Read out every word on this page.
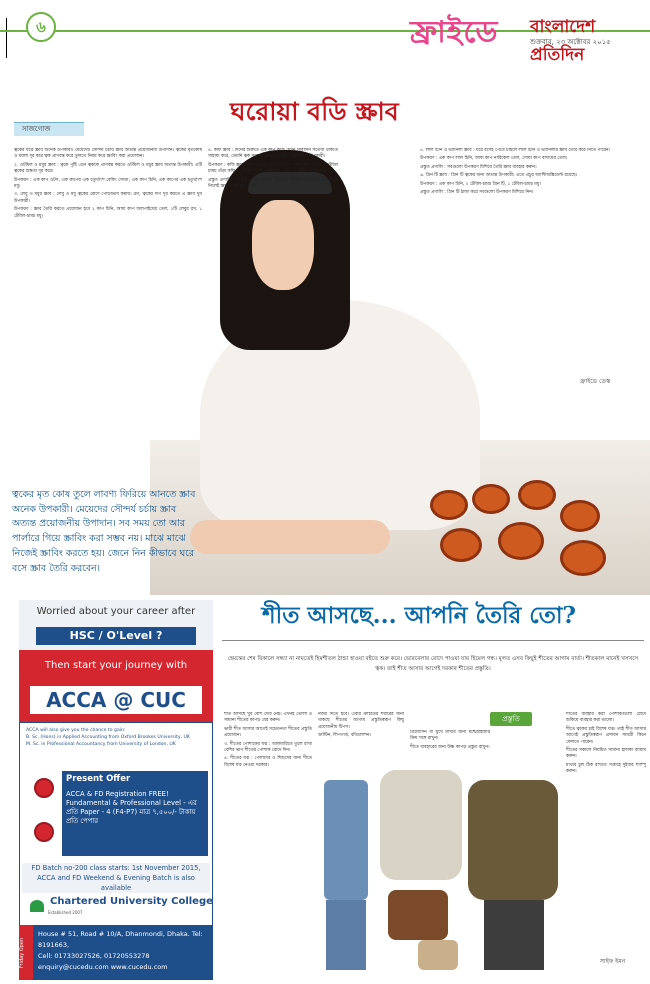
৬	ফ্রাইডে বাংলাদেশ প্রতিদিন
শুক্রবার, ২৩ অক্টোবর ২০১৫
সাজগোজ
ঘরোয়া বডি স্ক্রাব

ত্বকের যত্নে স্ক্রাব অনেক উপকারী। মেয়েদের সৌন্দর্য চর্চায় স্ক্রাব অত্যন্ত প্রয়োজনীয় উপাদান। ত্বকের মৃতকোষ ও ময়লা দূর করে ত্বক প্রাণবন্ত করে তুলতে নিয়ম করে স্ক্রাবিং করা প্রয়োজন।

২. ওটমিল ও মধুর স্ক্রাব : ত্বকে পুষ্টি এনে ত্বককে প্রাণবন্ত করতে ওটমিল ও মধুর স্ক্রাব অত্যন্ত উপকারী। এটি ত্বকের শুষ্কতা দূর করে।

উপকরণ : এক কাপ ওটস, এক কাপের এক চতুর্থাংশ বেকিং সোডা, এক কাপ চিনি, এক কাপের এক চতুর্থাংশ মধু।

৩. লেবু ও মধুর স্ক্রাব : লেবু ও মধু ত্বকের রোদে পোড়াভাব কমায়। ব্রণ, ত্বকের দাগ দূর করতে এ স্ক্রাব খুব উপকারী।

উপকরণ : স্ক্রাব তৈরি করতে প্রয়োজন হবে ২ কাপ চিনি, আধা কাপ জলপাইয়ের তেল, ১টি লেবুর রস, ১ টেবিল-চামচ মধু।

৪. কফি স্ক্রাব : দিনের শুরুতে এক কাপ কফি যেমন সারাদিন সতেজ থাকতে সাহায্য করে, তেমনি ত্বক সতেজ রাখতেও কফি সমানভাবে উপকারী।

উপকরণ : কফি স্ক্রাব তৈরি করতে প্রয়োজন হবে সোয়া কাপ চিনি, ১ টেবিল চামচ গুঁড়া কফি, ১ টেবিল-চামচ নারিকেল তেল, ১ টেবিল-চামচ মধু।

প্রস্তুত প্রণালি : একটি পাত্রে প্রতিটি উপকরণ মিশিয়ে ভালোভাবে মিশিয়ে নিলেই স্ক্রাব তৈরি হয়ে যাবে।

৫. লাল চিনি ও ভ্যানিলা স্ক্রাব : ঘরে বসেই পেতে চাইলে লাল চিনি ও ভ্যানিলার স্ক্রাব তৈরি করে নিতে পারেন।

উপকরণ : এক কাপ লাল চিনি, আধা কাপ নারিকেল তেল, সোয়া কাপ বাদামের তেল।

প্রস্তুত প্রণালি : সবগুলো উপকরণ মিশিয়ে তৈরি স্ক্রাব ব্যবহার করুন।

৬. গ্রিন টি স্ক্রাব : গ্রিন টি ত্বকের জন্য অত্যন্ত উপকারী। এতে প্রচুর অ্যান্টিঅক্সিডেন্ট রয়েছে।

উপকরণ : এক কাপ চিনি, ২ টেবিল-চামচ গ্রিন টি, ১ টেবিল-চামচ মধু।

প্রস্তুত প্রণালি : গ্রিন টি ঠান্ডা করে সবগুলো উপকরণ মিশিয়ে নিন।

ফ্রাইডে ডেস্ক
ত্বকের মৃত কোষ তুলে লাবণ্য ফিরিয়ে আনতে স্ক্রাব অনেক উপকারী। মেয়েদের সৌন্দর্য চর্চায় স্ক্রাব অত্যন্ত প্রয়োজনীয় উপাদান। সব সময় তো আর পার্লারে গিয়ে স্ক্রাবিং করা সম্ভব নয়। মাঝে মাঝে নিজেই স্ক্রাবিং করতে হয়। জেনে নিন কীভাবে ঘরে বসে স্ক্রাব তৈরি করবেন।
Worried about your career after
HSC / O'Level ?
Then start your journey with
ACCA @ CUC
ACCA will also give you the chance to gain:
B. Sc. (Hons) in Applied Accounting from Oxford Brookes University, UK
M. Sc. in Professional Accountancy from University of London, UK
Present Offer
ACCA & FD Registration FREE!
Fundamental & Professional Level - এর প্রতি Paper - 4 (F4-P7) মাত্র ৭,৫০০/- টাকায় প্রতি পেপার
FD Batch no-200 class starts: 1st November 2015,
ACCA and FD Weekend & Evening Batch is also available
Chartered University College
Established 2007
Friday Open
House # 51, Road # 10/A, Dhanmondi, Dhaka. Tel: 8191663,
Cell: 01733027526, 01720553278
enquiry@cucedu.com www.cucedu.com
শীত আসছে... আপনি তৈরি তো?
হেমন্তের শেষ বিকালে সন্ধ্যা না নামতেই হিমশীতল ঠান্ডা হাওয়া বইতে শুরু করে। ভোরবেলার রোদে পাওয়া যায় হিমেল গন্ধ। মূলত এসব কিছুই শীতের আগাম বার্তা। শীতকাল মানেই খসখসে ত্বক। তাই শীত আসার আগেই দরকার শীতের প্রস্তুতি।
প্রস্তুতি

শীত আসছে খুব বেশি দেরি নেই। এখনই তোলা ও সামান্য শীতের কাপড় বের করুন।

ভারী শীত আসার আগেই সচেতনতা শীতের প্রস্তুতি প্রয়োজন।

৩. শীতের পোশাকের যত্ন : আলমারিতে তুলে রাখা বেশির ভাগ শীতের পোশাক রোদে দিন।

৪. শীতের যত্ন : পেলাদের ও শিশুদের জন্য শীতে বিশেষ যত্ন নেওয়া দরকার।

নজর দিতে হবে। এবার ক্রাইডের শরীরের জন্য থাকছে শীতের আগাম প্রস্তুতিস্বরূপ কিছু প্রয়োজনীয় টিপস।

ডাস্টিন, লিপগার্ড, বডিলোশন।

ত্রিমোসিন বা মুখে মাখার জন্য মশ্চেরাইজার ক্রিম সঙ্গে রাখুন।

শীতে ব্যবহারের জন্য উষ্ণ কাপড় প্রস্তুত রাখুন।

শীতের ব্যবহার করা পোশাকগুলো রোদে শুকিয়ে ব্যবহার করা ভালো।

শীতে ত্বকের চাই বিশেষ যত্ন। তাই শীত আসার আগেই প্রস্তুতিস্বরূপ প্রসাধন সামগ্রী কিনে ফেলতে পারেন।

শীতের সকালে নিয়মিত সামান্য হালকা ব্যায়াম করুন।

মাথার চুল ঠিক রাখতে সপ্তাহে দুইবার শ্যাম্পু করুন।

সাইফ ইমন
